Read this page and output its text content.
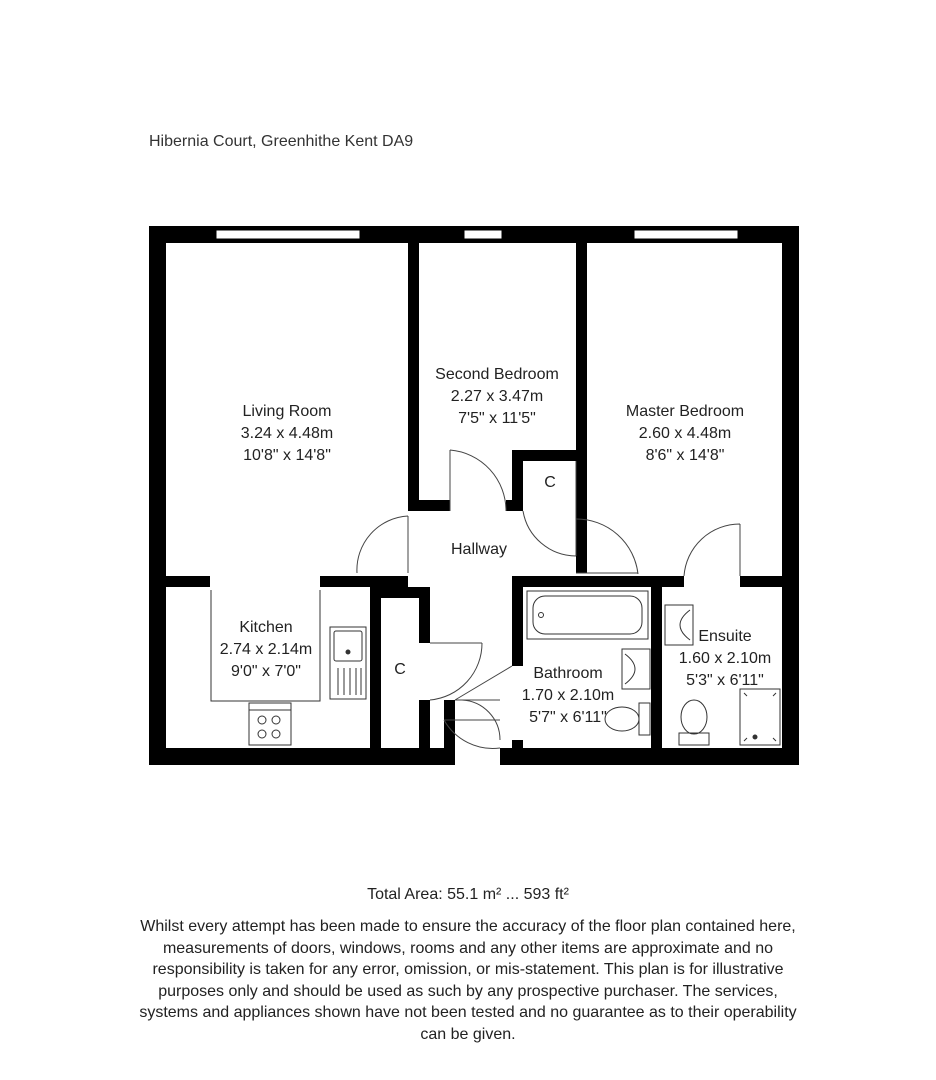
Hibernia Court, Greenhithe Kent DA9
Living Room
3.24 x 4.48m
10'8" x 14'8"
Second Bedroom
2.27 x 3.47m
7'5" x 11'5"	Master Bedroom
2.60 x 4.48m
8'6" x 14'8"
Kitchen
2.74 x 2.14m
9'0" x 7'0"	Bathroom
1.70 x 2.10m
5'7" x 6'11"
Ensuite
1.60 x 2.10m
5'3" x 6'11"
Hallway
C
C
Total Area: 55.1 m² ... 593 ft²
Whilst every attempt has been made to ensure the accuracy of the floor plan contained here, measurements of doors, windows, rooms and any other items are approximate and no responsibility is taken for any error, omission, or mis-statement. This plan is for illustrative purposes only and should be used as such by any prospective purchaser. The services, systems and appliances shown have not been tested and no guarantee as to their operability can be given.
